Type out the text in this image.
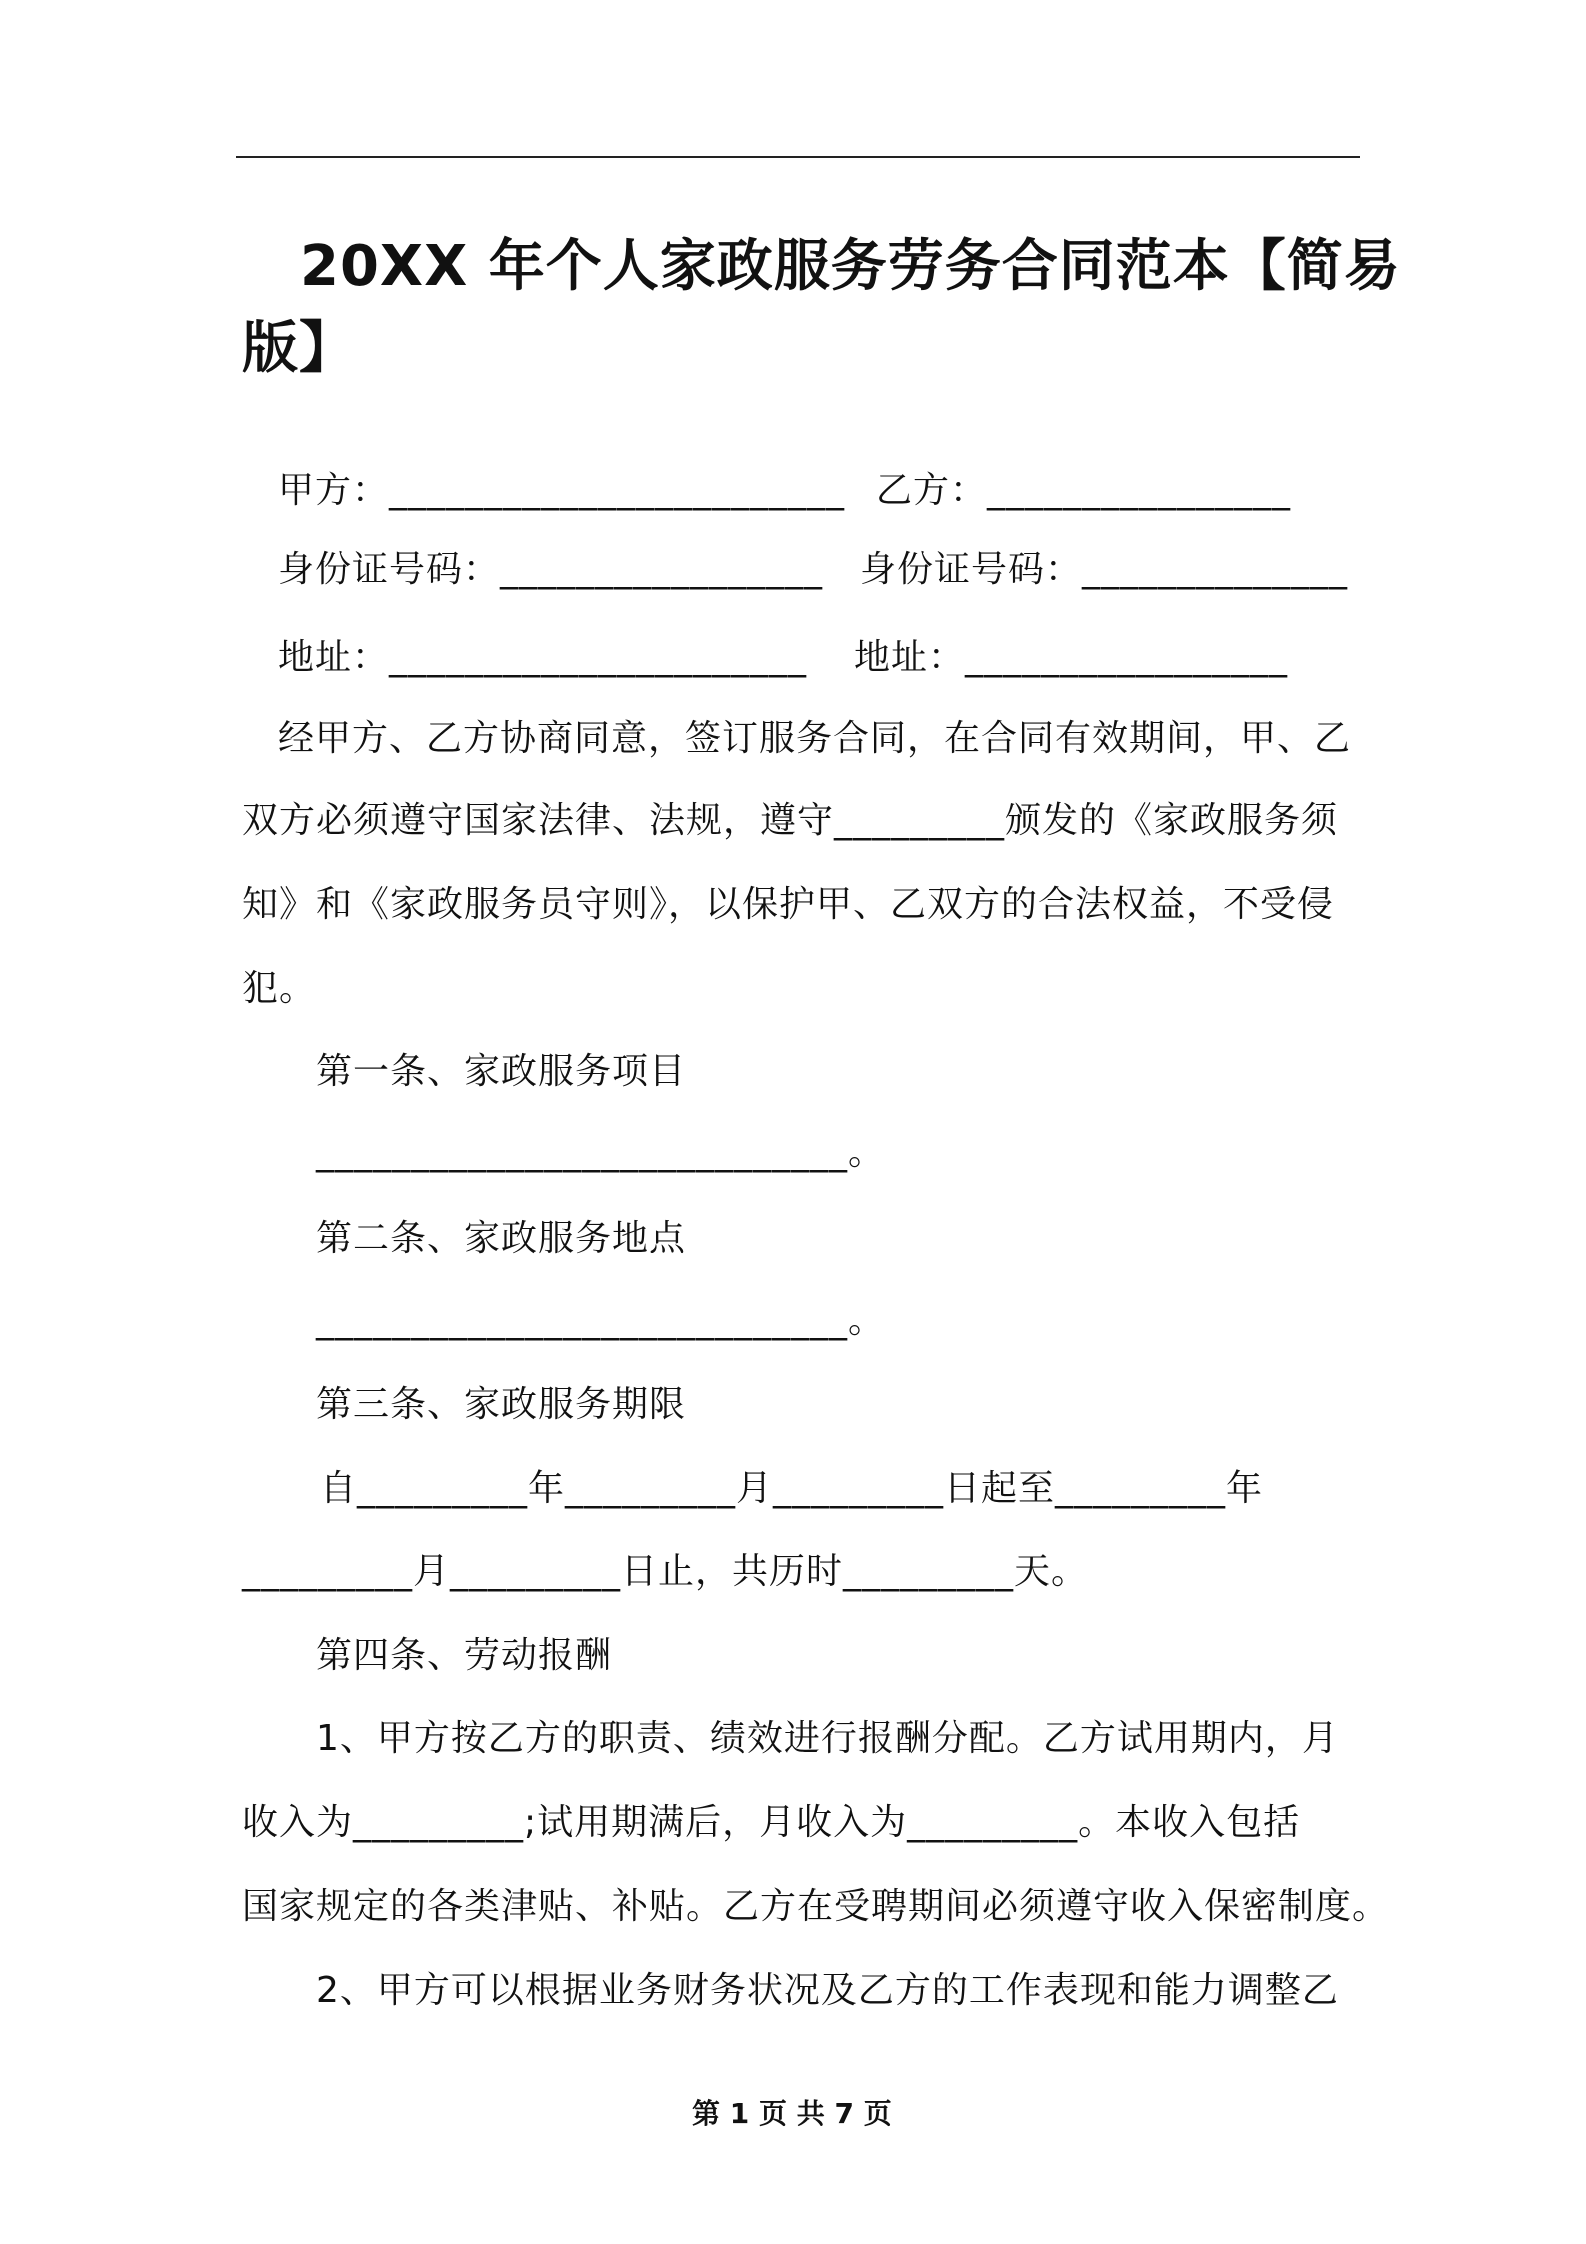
20XX 年个人家政服务劳务合同范本【简易
版】
甲方：________________________ 乙方：________________
身份证号码：_________________ 身份证号码：______________
地址：______________________ 地址：_________________
经甲方、乙方协商同意，签订服务合同，在合同有效期间，甲、乙
双方必须遵守国家法律、法规，遵守_________颁发的《家政服务须
知》和《家政服务员守则》，以保护甲、乙双方的合法权益，不受侵
犯。
第一条、家政服务项目
____________________________。
第二条、家政服务地点
____________________________。
第三条、家政服务期限
自_________年_________月_________日起至_________年
_________月_________日止，共历时_________天。
第四条、劳动报酬
1、甲方按乙方的职责、绩效进行报酬分配。乙方试用期内，月
收入为_________;试用期满后，月收入为_________。本收入包括
国家规定的各类津贴、补贴。乙方在受聘期间必须遵守收入保密制度。
2、甲方可以根据业务财务状况及乙方的工作表现和能力调整乙
第 1 页 共 7 页
